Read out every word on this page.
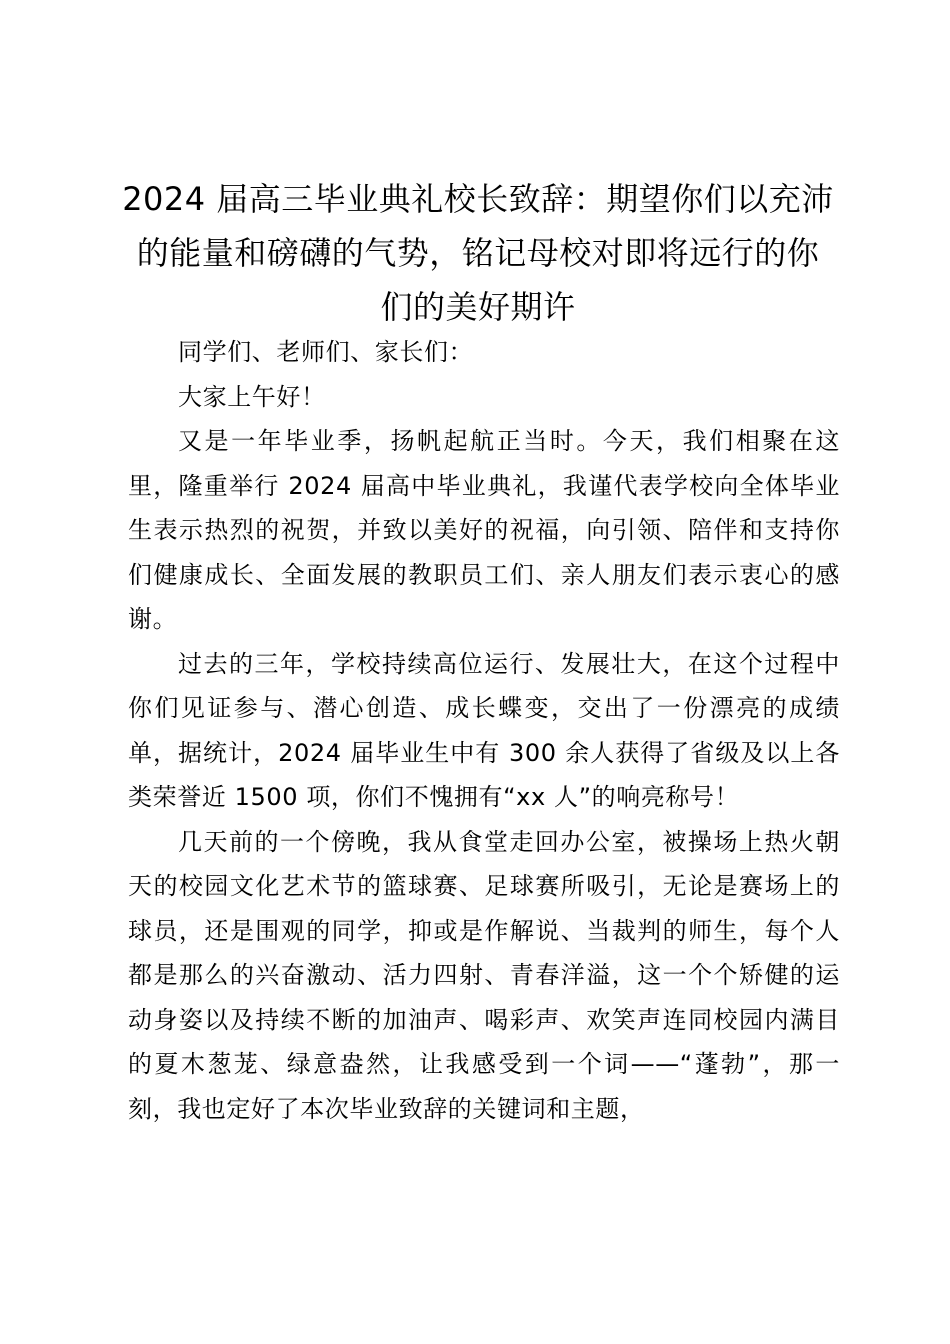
2024 届高三毕业典礼校长致辞：期望你们以充沛的能量和磅礴的气势，铭记母校对即将远行的你们的美好期许

同学们、老师们、家长们：

大家上午好！

又是一年毕业季，扬帆起航正当时。今天，我们相聚在这里，隆重举行 2024 届高中毕业典礼，我谨代表学校向全体毕业生表示热烈的祝贺，并致以美好的祝福，向引领、陪伴和支持你们健康成长、全面发展的教职员工们、亲人朋友们表示衷心的感谢。

过去的三年，学校持续高位运行、发展壮大，在这个过程中你们见证参与、潜心创造、成长蝶变，交出了一份漂亮的成绩单，据统计，2024 届毕业生中有 300 余人获得了省级及以上各类荣誉近 1500 项，你们不愧拥有“xx 人”的响亮称号！

几天前的一个傍晚，我从食堂走回办公室，被操场上热火朝天的校园文化艺术节的篮球赛、足球赛所吸引，无论是赛场上的球员，还是围观的同学，抑或是作解说、当裁判的师生，每个人都是那么的兴奋激动、活力四射、青春洋溢，这一个个矫健的运动身姿以及持续不断的加油声、喝彩声、欢笑声连同校园内满目的夏木葱茏、绿意盎然，让我感受到一个词——“蓬勃”，那一刻，我也定好了本次毕业致辞的关键词和主题，
